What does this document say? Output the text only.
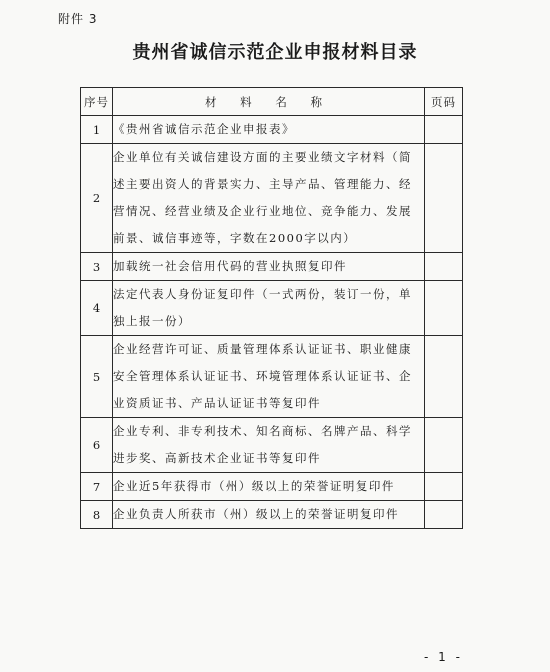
附件 3
贵州省诚信示范企业申报材料目录
序号	材 料 名 称	页码
1	《贵州省诚信示范企业申报表》	
2	企业单位有关诚信建设方面的主要业绩文字材料（简述主要出资人的背景实力、主导产品、管理能力、经营情况、经营业绩及企业行业地位、竞争能力、发展前景、诚信事迹等，字数在2000字以内）	
3	加载统一社会信用代码的营业执照复印件	
4	法定代表人身份证复印件（一式两份，装订一份，单独上报一份）	
5	企业经营许可证、质量管理体系认证证书、职业健康安全管理体系认证证书、环境管理体系认证证书、企业资质证书、产品认证证书等复印件	
6	企业专利、非专利技术、知名商标、名牌产品、科学进步奖、高新技术企业证书等复印件	
7	企业近5年获得市（州）级以上的荣誉证明复印件	
8	企业负责人所获市（州）级以上的荣誉证明复印件	
- 1 -
